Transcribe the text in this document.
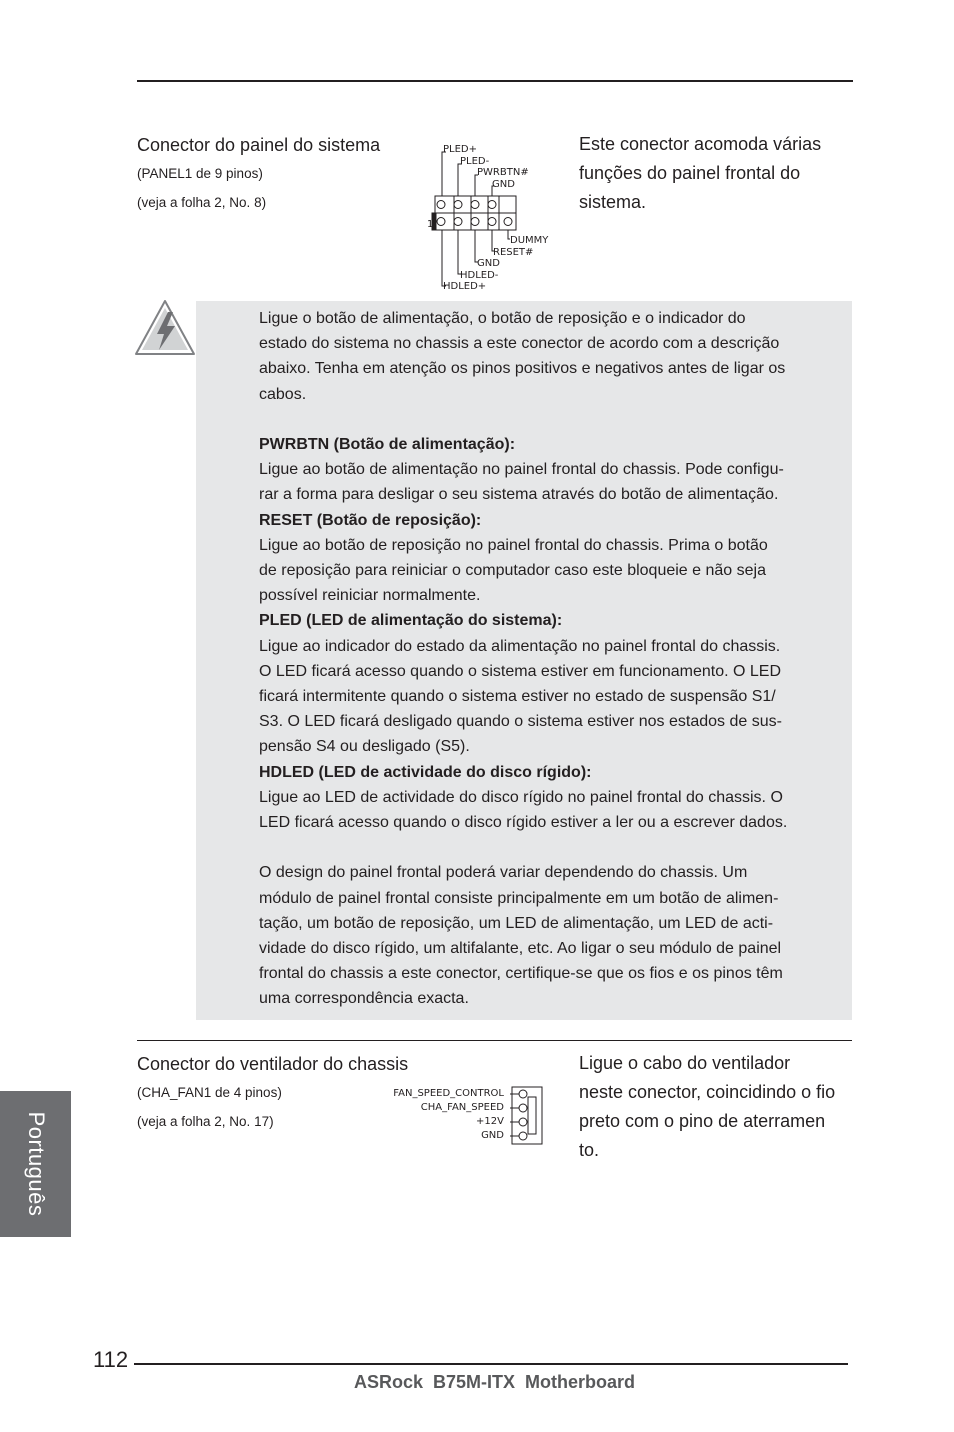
Conector do painel do sistema
(PANEL1 de 9 pinos)
(veja a folha 2, No. 8)
Este conector acomoda várias
funções do painel frontal do
sistema.
1
PLED+
PLED-
PWRBTN#
GND
DUMMY
RESET#
GND
HDLED-
HDLED+

Ligue o botão de alimentação, o botão de reposição e o indicador do

estado do sistema no chassis a este conector de acordo com a descrição

abaixo. Tenha em atenção os pinos positivos e negativos antes de ligar os

cabos.

PWRBTN (Botão de alimentação):

Ligue ao botão de alimentação no painel frontal do chassis. Pode configu-

rar a forma para desligar o seu sistema através do botão de alimentação.

RESET (Botão de reposição):

Ligue ao botão de reposição no painel frontal do chassis. Prima o botão

de reposição para reiniciar o computador caso este bloqueie e não seja

possível reiniciar normalmente.

PLED (LED de alimentação do sistema):

Ligue ao indicador do estado da alimentação no painel frontal do chassis.

O LED ficará acesso quando o sistema estiver em funcionamento. O LED

ficará intermitente quando o sistema estiver no estado de suspensão S1/

S3. O LED ficará desligado quando o sistema estiver nos estados de sus-

pensão S4 ou desligado (S5).

HDLED (LED de actividade do disco rígido):

Ligue ao LED de actividade do disco rígido no painel frontal do chassis. O

LED ficará acesso quando o disco rígido estiver a ler ou a escrever dados.

O design do painel frontal poderá variar dependendo do chassis. Um

módulo de painel frontal consiste principalmente em um botão de alimen-

tação, um botão de reposição, um LED de alimentação, um LED de acti-

vidade do disco rígido, um altifalante, etc. Ao ligar o seu módulo de painel

frontal do chassis a este conector, certifique-se que os fios e os pinos têm

uma correspondência exacta.

Conector do ventilador do chassis
(CHA_FAN1 de 4 pinos)
(veja a folha 2, No. 17)
Ligue o cabo do ventilador
neste conector, coincidindo o fio
preto com o pino de aterramen
to.
FAN_SPEED_CONTROL
CHA_FAN_SPEED
+12V
GND
Português
112
ASRock  B75M-ITX  Motherboard
